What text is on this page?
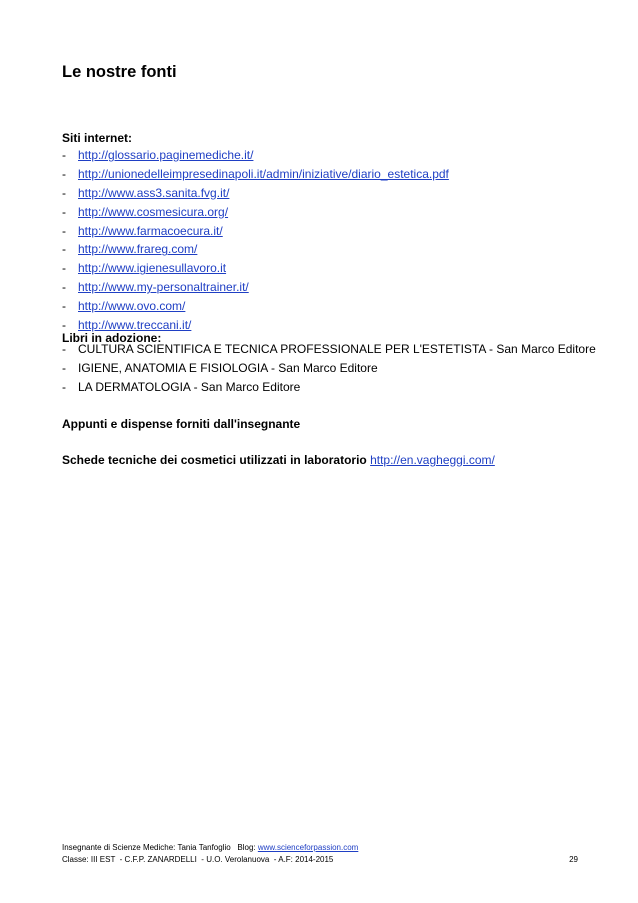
Le nostre fonti
Siti internet:
- http://glossario.paginemediche.it/
- http://unionedelleimpresedinapoli.it/admin/iniziative/diario_estetica.pdf
- http://www.ass3.sanita.fvg.it/
- http://www.cosmesicura.org/
- http://www.farmacoecura.it/
- http://www.frareg.com/
- http://www.igienesullavoro.it
- http://www.my-personaltrainer.it/
- http://www.ovo.com/
- http://www.treccani.it/
Libri in adozione:
- CULTURA SCIENTIFICA E TECNICA PROFESSIONALE PER L'ESTETISTA - San Marco Editore
- IGIENE, ANATOMIA E FISIOLOGIA - San Marco Editore
- LA DERMATOLOGIA - San Marco Editore
Appunti e dispense forniti dall'insegnante
Schede tecniche dei cosmetici utilizzati in laboratorio http://en.vagheggi.com/
Insegnante di Scienze Mediche: Tania Tanfoglio   Blog: www.scienceforpassion.com
Classe: III EST  - C.F.P. ZANARDELLI  - U.O. Verolanuova  - A.F: 2014-2015	29
